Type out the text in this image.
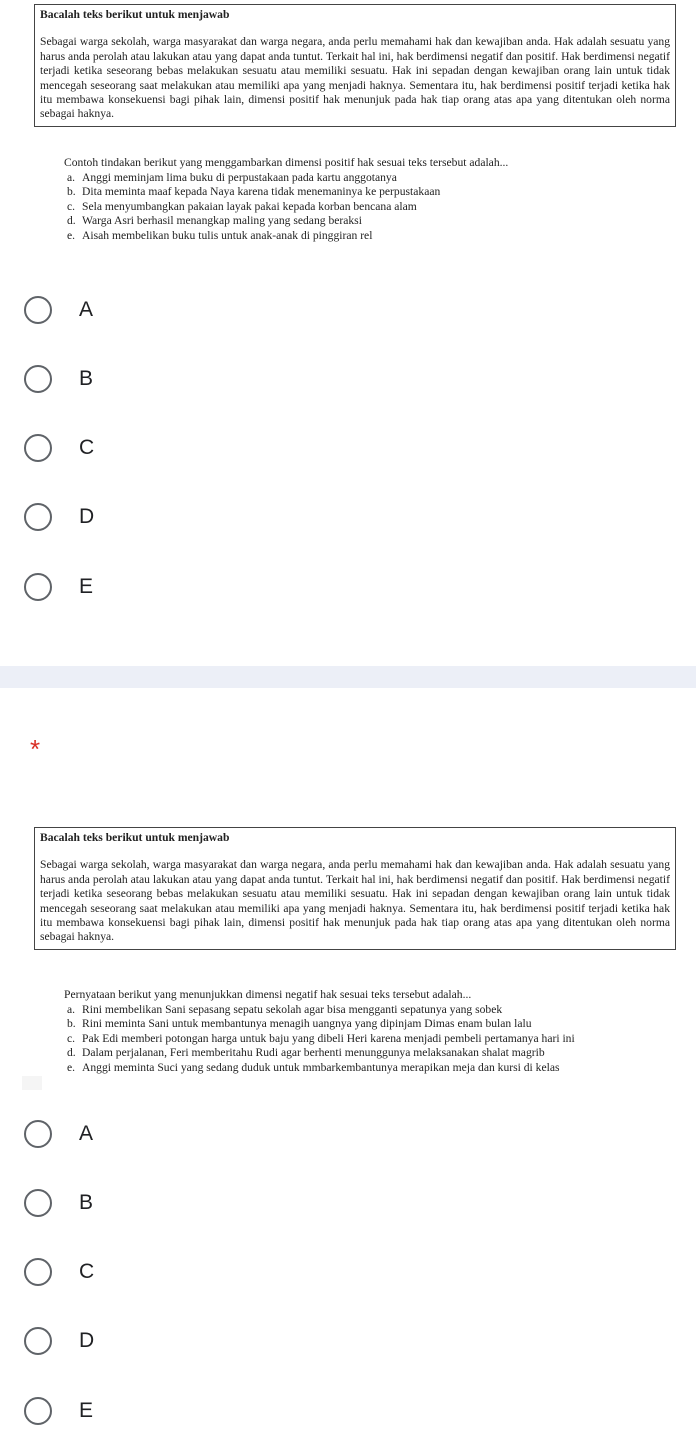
Bacalah teks berikut untuk menjawab
Sebagai warga sekolah, warga masyarakat dan warga negara, anda perlu memahami hak dan kewajiban anda. Hak adalah sesuatu yang harus anda perolah atau lakukan atau yang dapat anda tuntut. Terkait hal ini, hak berdimensi negatif dan positif. Hak berdimensi negatif terjadi ketika seseorang bebas melakukan sesuatu atau memiliki sesuatu. Hak ini sepadan dengan kewajiban orang lain untuk tidak mencegah seseorang saat melakukan atau memiliki apa yang menjadi haknya. Sementara itu, hak berdimensi positif terjadi ketika hak itu membawa konsekuensi bagi pihak lain, dimensi positif hak menunjuk pada hak tiap orang atas apa yang ditentukan oleh norma sebagai haknya.
Contoh tindakan berikut yang menggambarkan dimensi positif hak sesuai teks tersebut adalah...
a. Anggi meminjam lima buku di perpustakaan pada kartu anggotanya
b. Dita meminta maaf kepada Naya karena tidak menemaninya ke perpustakaan
c. Sela menyumbangkan pakaian layak pakai kepada korban bencana alam
d. Warga Asri berhasil menangkap maling yang sedang beraksi
e. Aisah membelikan buku tulis untuk anak-anak di pinggiran rel
A
B
C
D
E
*
Bacalah teks berikut untuk menjawab
Sebagai warga sekolah, warga masyarakat dan warga negara, anda perlu memahami hak dan kewajiban anda. Hak adalah sesuatu yang harus anda perolah atau lakukan atau yang dapat anda tuntut. Terkait hal ini, hak berdimensi negatif dan positif. Hak berdimensi negatif terjadi ketika seseorang bebas melakukan sesuatu atau memiliki sesuatu. Hak ini sepadan dengan kewajiban orang lain untuk tidak mencegah seseorang saat melakukan atau memiliki apa yang menjadi haknya. Sementara itu, hak berdimensi positif terjadi ketika hak itu membawa konsekuensi bagi pihak lain, dimensi positif hak menunjuk pada hak tiap orang atas apa yang ditentukan oleh norma sebagai haknya.
Pernyataan berikut yang menunjukkan dimensi negatif hak sesuai teks tersebut adalah...
a. Rini membelikan Sani sepasang sepatu sekolah agar bisa mengganti sepatunya yang sobek
b. Rini meminta Sani untuk membantunya menagih uangnya yang dipinjam Dimas enam bulan lalu
c. Pak Edi memberi potongan harga untuk baju yang dibeli Heri karena menjadi pembeli pertamanya hari ini
d. Dalam perjalanan, Feri memberitahu Rudi agar berhenti menunggunya melaksanakan shalat magrib
e. Anggi meminta Suci yang sedang duduk untuk mmbarkembantunya merapikan meja dan kursi di kelas
A
B
C
D
E
